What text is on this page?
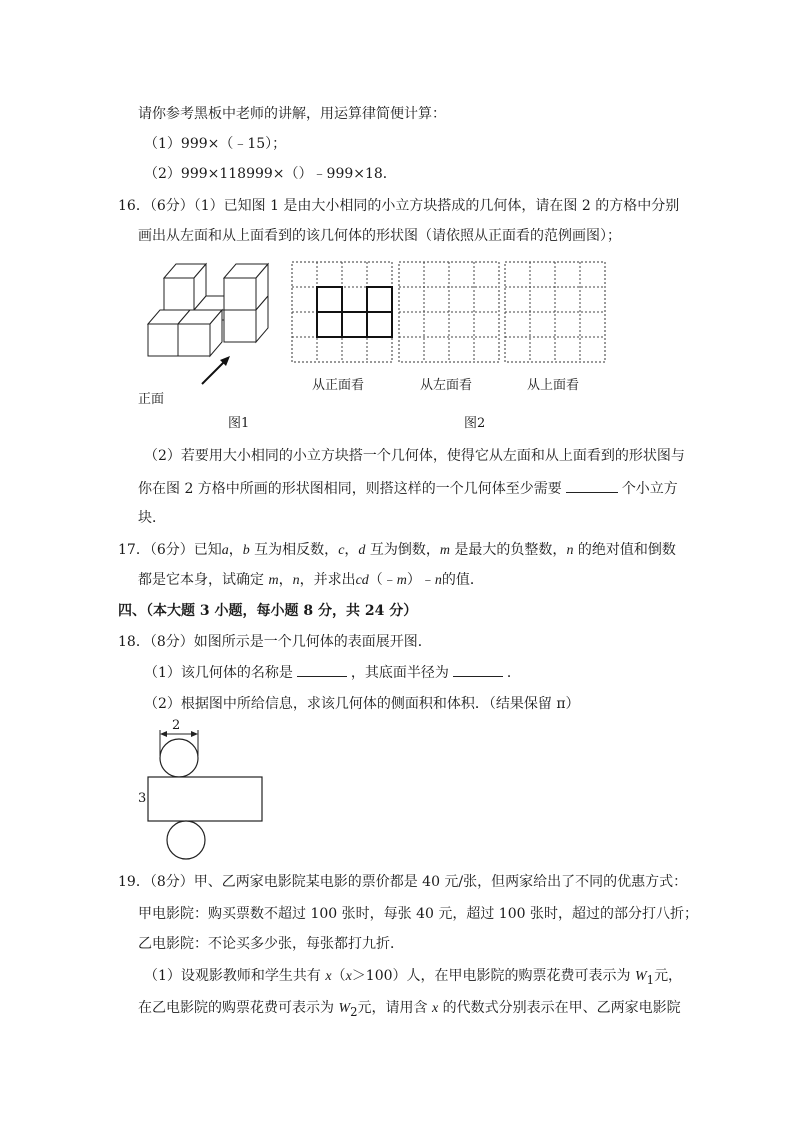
请你参考黑板中老师的讲解，用运算律简便计算：
（1）999×（﹣15）；
（2）999×118999×（）﹣999×18．
16．（6分）（1）已知图 1 是由大小相同的小立方块搭成的几何体，请在图 2 的方格中分别
画出从左面和从上面看到的该几何体的形状图（请依照从正面看的范例画图）；
正面
图1
从正面看	从左面看	从上面看
图2
（2）若要用大小相同的小立方块搭一个几何体，使得它从左面和从上面看到的形状图与
你在图 2 方格中所画的形状图相同，则搭这样的一个几何体至少需要	个小立方
块．
17．（6分）已知a，b 互为相反数，c，d 互为倒数，m 是最大的负整数，n 的绝对值和倒数
都是它本身，试确定 m，n，并求出cd（﹣m）﹣n的值．
四、（本大题 3 小题，每小题 8 分，共 24 分）
18．（8分）如图所示是一个几何体的表面展开图．
（1）该几何体的名称是	，其底面半径为	．
（2）根据图中所给信息，求该几何体的侧面积和体积．（结果保留 π）
2
3
19．（8分）甲、乙两家电影院某电影的票价都是 40 元/张，但两家给出了不同的优惠方式：
甲电影院：购买票数不超过 100 张时，每张 40 元，超过 100 张时，超过的部分打八折；
乙电影院：不论买多少张，每张都打九折．
（1）设观影教师和学生共有 x（x＞100）人，在甲电影院的购票花费可表示为 $W_1$元，
在乙电影院的购票花费可表示为 $W_2$元，请用含 x 的代数式分别表示在甲、乙两家电影院
